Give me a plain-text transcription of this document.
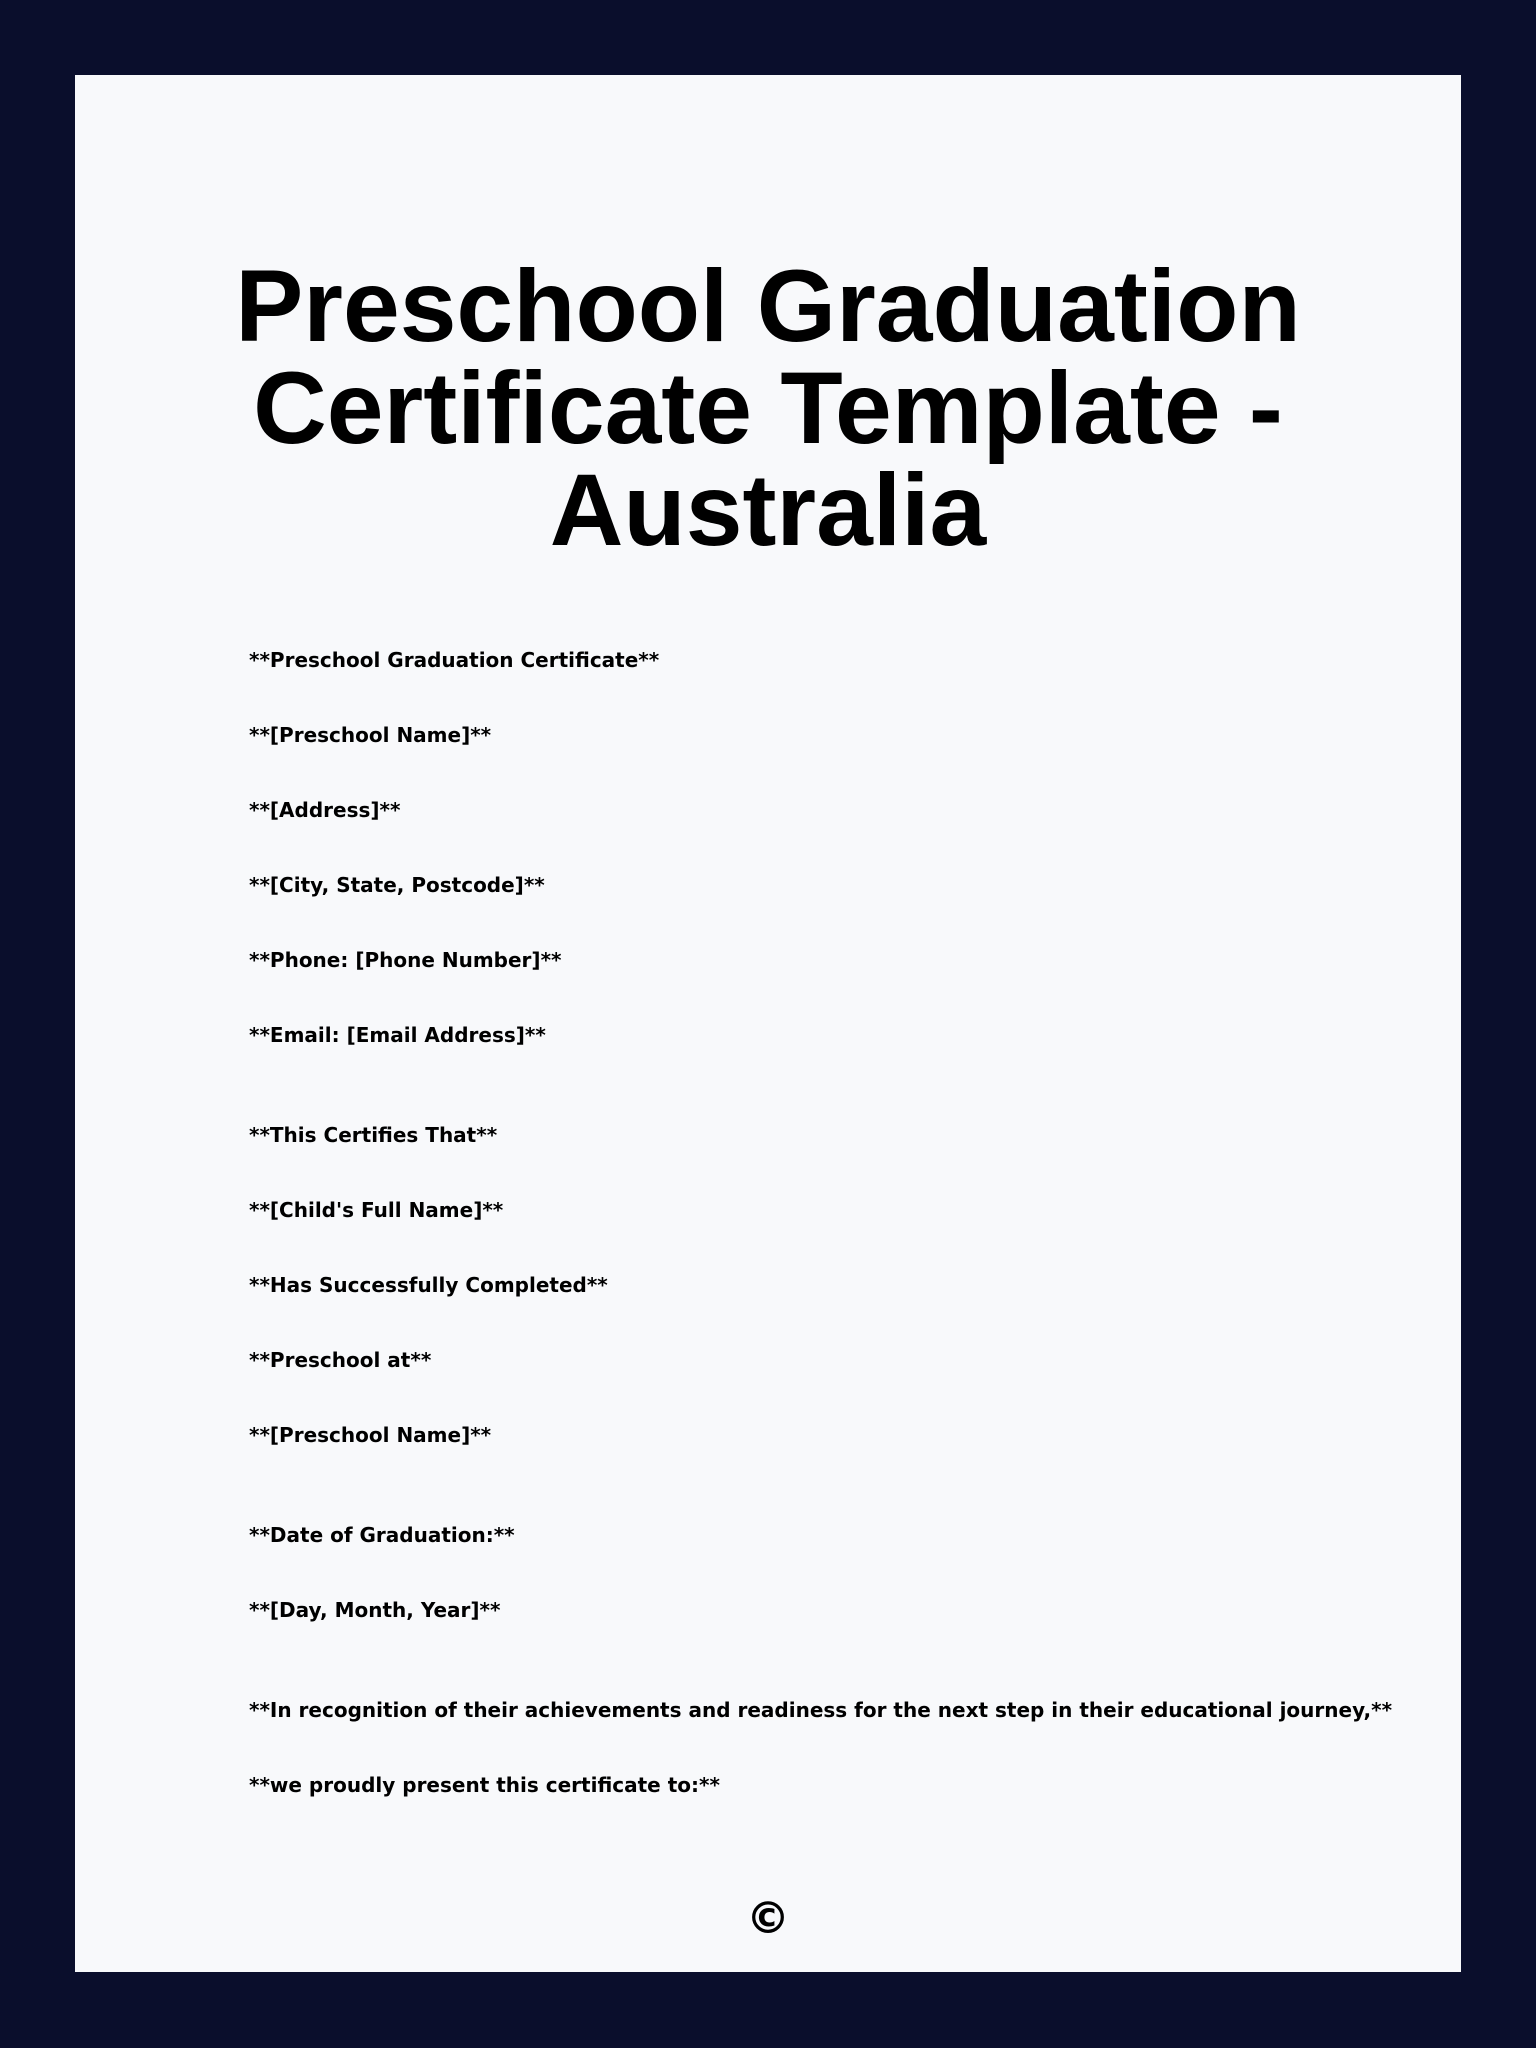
Preschool Graduation Certificate Template - Australia
**Preschool Graduation Certificate**
**[Preschool Name]**
**[Address]**
**[City, State, Postcode]**
**Phone: [Phone Number]**
**Email: [Email Address]**
**This Certifies That**
**[Child's Full Name]**
**Has Successfully Completed**
**Preschool at**
**[Preschool Name]**
**Date of Graduation:**
**[Day, Month, Year]**
**In recognition of their achievements and readiness for the next step in their educational journey,**
**we proudly present this certificate to:**
©
